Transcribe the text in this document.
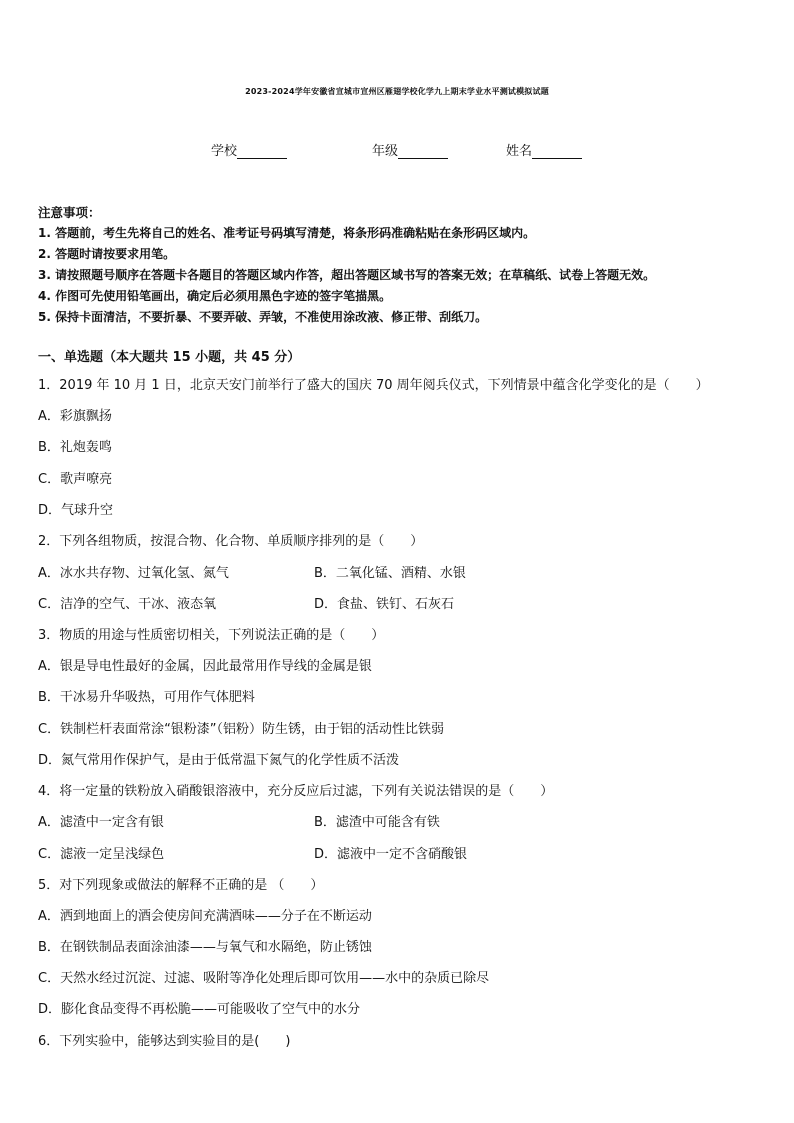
2023-2024学年安徽省宣城市宣州区雁翅学校化学九上期末学业水平测试模拟试题
学校	年级	姓名
注意事项：
1. 答题前，考生先将自己的姓名、准考证号码填写清楚，将条形码准确粘贴在条形码区域内。
2. 答题时请按要求用笔。
3. 请按照题号顺序在答题卡各题目的答题区域内作答，超出答题区域书写的答案无效；在草稿纸、试卷上答题无效。
4. 作图可先使用铅笔画出，确定后必须用黑色字迹的签字笔描黑。
5. 保持卡面清洁，不要折暴、不要弄破、弄皱，不准使用涂改液、修正带、刮纸刀。
一、单选题（本大题共 15 小题，共 45 分）
1．2019 年 10 月 1 日，北京天安门前举行了盛大的国庆 70 周年阅兵仪式，下列情景中蕴含化学变化的是（　　）
A．彩旗飘扬
B．礼炮轰鸣
C．歌声嘹亮
D．气球升空
2．下列各组物质，按混合物、化合物、单质顺序排列的是（　　）
A．冰水共存物、过氧化氢、氮气	B．二氧化锰、酒精、水银
C．洁净的空气、干冰、液态氧	D．食盐、铁钉、石灰石
3．物质的用途与性质密切相关，下列说法正确的是（　　）
A．银是导电性最好的金属，因此最常用作导线的金属是银
B．干冰易升华吸热，可用作气体肥料
C．铁制栏杆表面常涂“银粉漆”（铝粉）防生锈，由于铝的活动性比铁弱
D．氮气常用作保护气，是由于低常温下氮气的化学性质不活泼
4．将一定量的铁粉放入硝酸银溶液中，充分反应后过滤，下列有关说法错误的是（　　）
A．滤渣中一定含有银	B．滤渣中可能含有铁
C．滤液一定呈浅绿色	D．滤液中一定不含硝酸银
5．对下列现象或做法的解释不正确的是 （　　）
A．洒到地面上的酒会使房间充满酒味——分子在不断运动
B．在钢铁制品表面涂油漆——与氧气和水隔绝，防止锈蚀
C．天然水经过沉淀、过滤、吸附等净化处理后即可饮用——水中的杂质已除尽
D．膨化食品变得不再松脆——可能吸收了空气中的水分
6．下列实验中，能够达到实验目的是(　　)
